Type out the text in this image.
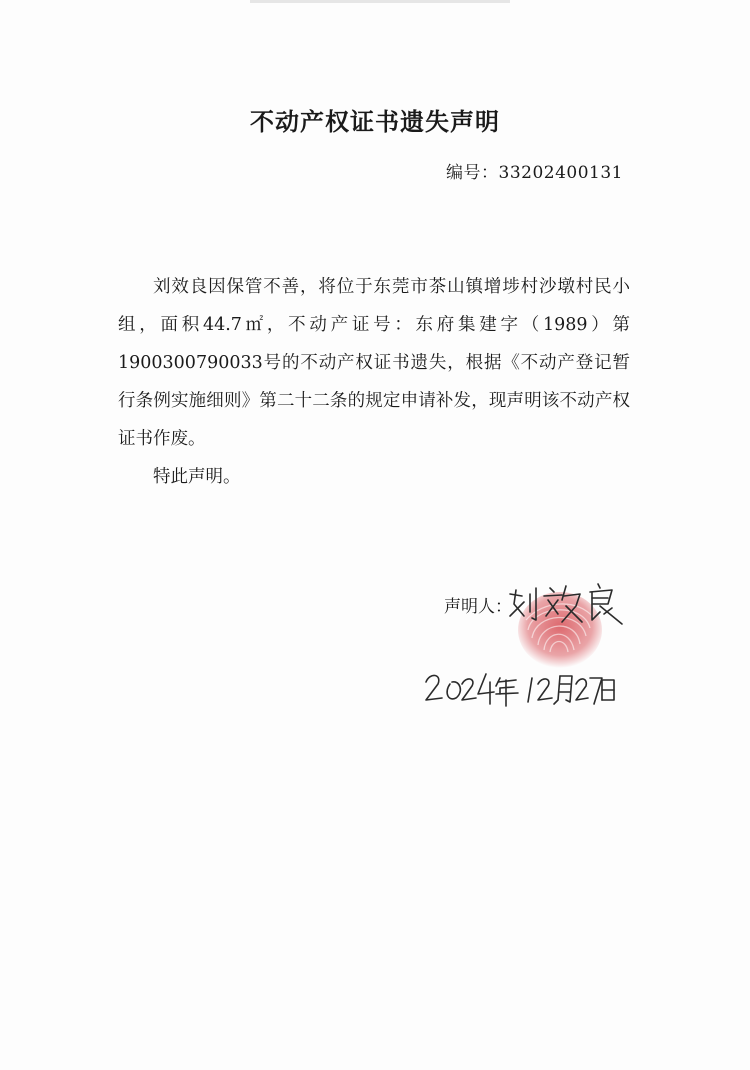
不动产权证书遗失声明
编号：33202400131

刘效良因保管不善，将位于东莞市茶山镇增埗村沙墩村民小组，面积44.7㎡，不动产证号：东府集建字（1989）第1900300790033号的不动产权证书遗失，根据《不动产登记暂行条例实施细则》第二十二条的规定申请补发，现声明该不动产权证书作废。

特此声明。

声明人：
